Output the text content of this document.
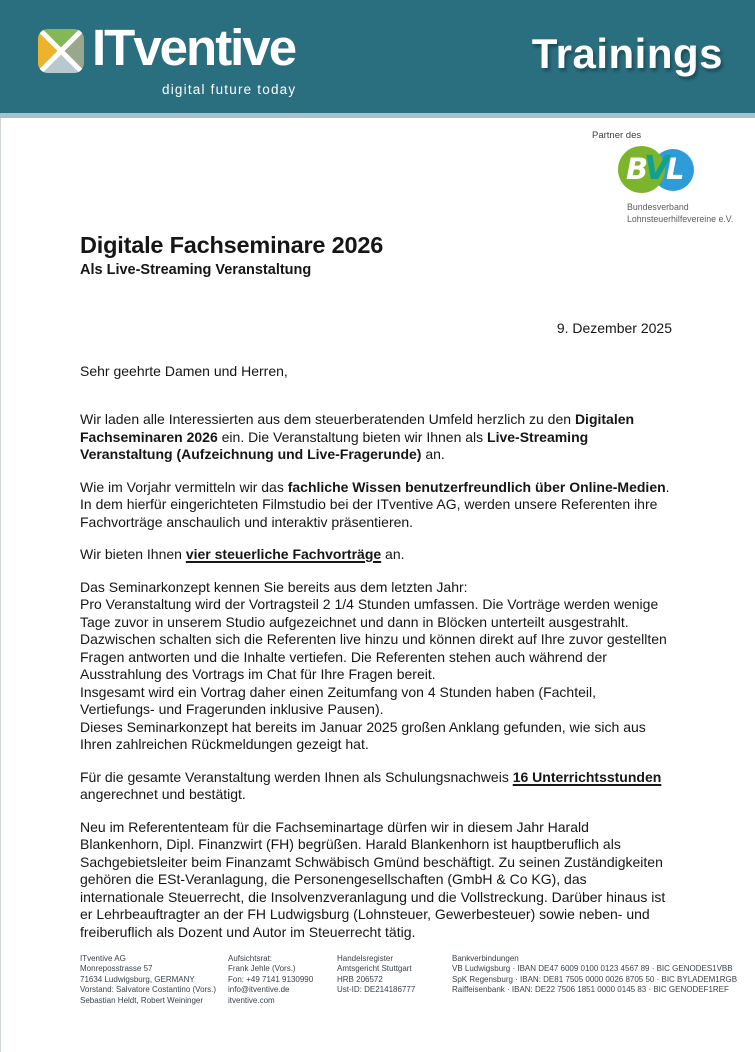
ITventive
digital future today
Trainings
Partner des
B
V
L
Bundesverband
Lohnsteuerhilfevereine e.V.
Digitale Fachseminare 2026
Als Live-Streaming Veranstaltung
9. Dezember 2025

Sehr geehrte Damen und Herren,

Wir laden alle Interessierten aus dem steuerberatenden Umfeld herzlich zu den Digitalen Fachseminaren 2026 ein. Die Veranstaltung bieten wir Ihnen als Live-Streaming Veranstaltung (Aufzeichnung und Live-Fragerunde) an.

Wie im Vorjahr vermitteln wir das fachliche Wissen benutzerfreundlich über Online-Medien. In dem hierfür eingerichteten Filmstudio bei der ITventive AG, werden unsere Referenten ihre Fachvorträge anschaulich und interaktiv präsentieren.

Wir bieten Ihnen vier steuerliche Fachvorträge an.

Das Seminarkonzept kennen Sie bereits aus dem letzten Jahr:
Pro Veranstaltung wird der Vortragsteil 2 1/4 Stunden umfassen. Die Vorträge werden wenige Tage zuvor in unserem Studio aufgezeichnet und dann in Blöcken unterteilt ausgestrahlt. Dazwischen schalten sich die Referenten live hinzu und können direkt auf Ihre zuvor gestellten Fragen antworten und die Inhalte vertiefen. Die Referenten stehen auch während der Ausstrahlung des Vortrags im Chat für Ihre Fragen bereit.
Insgesamt wird ein Vortrag daher einen Zeitumfang von 4 Stunden haben (Fachteil, Vertiefungs- und Fragerunden inklusive Pausen).
Dieses Seminarkonzept hat bereits im Januar 2025 großen Anklang gefunden, wie sich aus Ihren zahlreichen Rückmeldungen gezeigt hat.

Für die gesamte Veranstaltung werden Ihnen als Schulungsnachweis 16 Unterrichtsstunden angerechnet und bestätigt.

Neu im Referententeam für die Fachseminartage dürfen wir in diesem Jahr Harald Blankenhorn, Dipl. Finanzwirt (FH) begrüßen. Harald Blankenhorn ist hauptberuflich als Sachgebietsleiter beim Finanzamt Schwäbisch Gmünd beschäftigt. Zu seinen Zuständigkeiten gehören die ESt-Veranlagung, die Personengesellschaften (GmbH & Co KG), das internationale Steuerrecht, die Insolvenzveranlagung und die Vollstreckung. Darüber hinaus ist er Lehrbeauftragter an der FH Ludwigsburg (Lohnsteuer, Gewerbesteuer) sowie neben- und freiberuflich als Dozent und Autor im Steuerrecht tätig.

ITventive AG
Monreposstrasse 57
71634 Ludwigsburg, GERMANY
Vorstand: Salvatore Costantino (Vors.)
Sebastian Heldt, Robert Weininger
Aufsichtsrat:
Frank Jehle (Vors.)
Fon: +49 7141 9130990
info@itventive.de
itventive.com
Handelsregister
Amtsgericht Stuttgart
HRB 206572
Ust-ID: DE214186777
Bankverbindungen
VB Ludwigsburg · IBAN DE47 6009 0100 0123 4567 89 · BIC GENODES1VBB
SpK Regensburg · IBAN: DE81 7505 0000 0026 8705 50 · BIC BYLADEM1RGB
Raiffeisenbank · IBAN: DE22 7506 1851 0000 0145 83 · BIC GENODEF1REF
